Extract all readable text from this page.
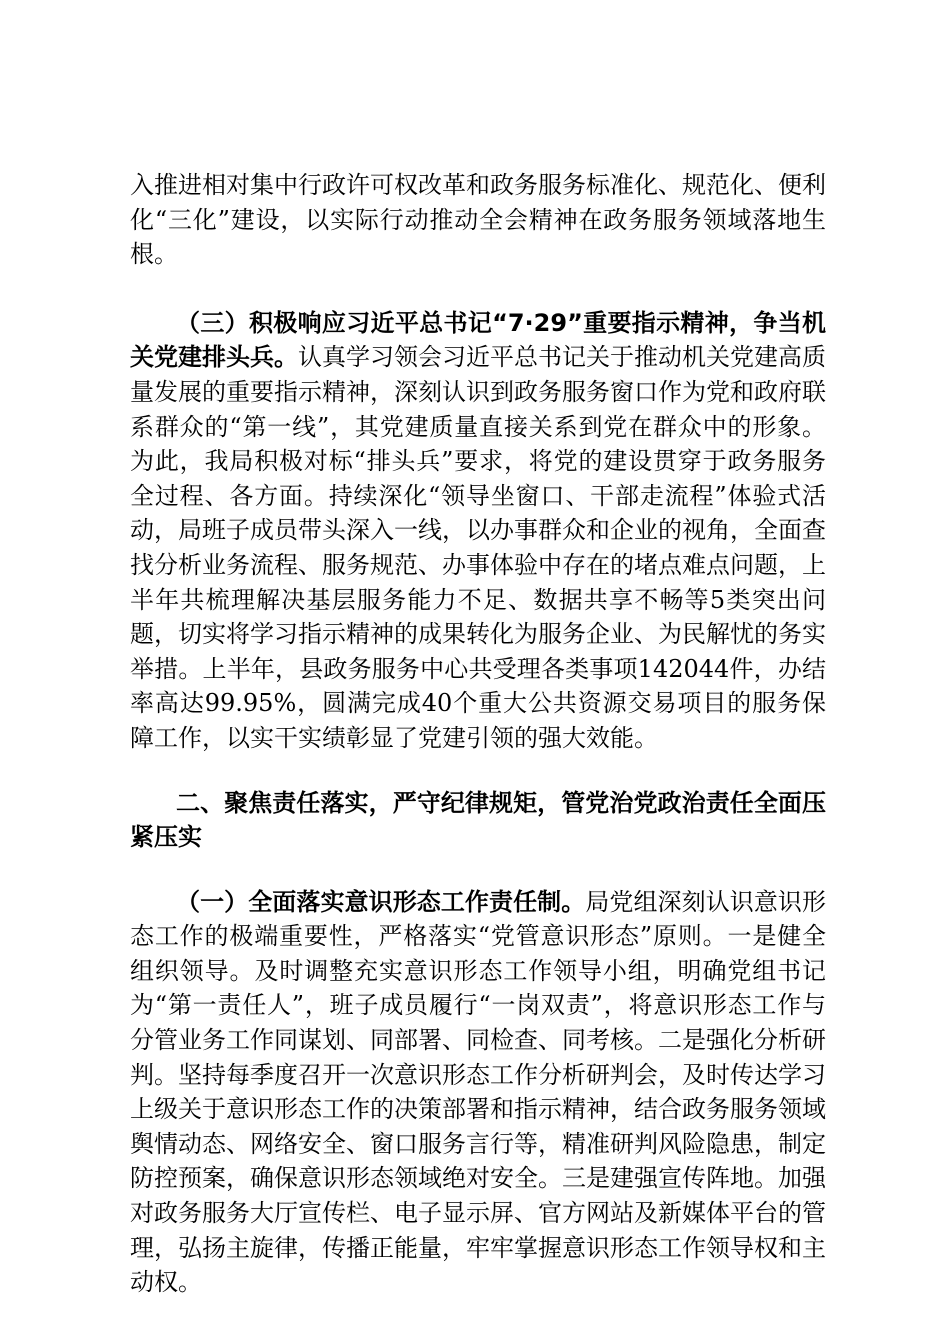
入推进相对集中行政许可权改革和政务服务标准化、规范化、便利化“三化”建设，以实际行动推动全会精神在政务服务领域落地生根。

（三）积极响应习近平总书记“7·29”重要指示精神，争当机关党建排头兵。认真学习领会习近平总书记关于推动机关党建高质量发展的重要指示精神，深刻认识到政务服务窗口作为党和政府联系群众的“第一线”，其党建质量直接关系到党在群众中的形象。为此，我局积极对标“排头兵”要求，将党的建设贯穿于政务服务全过程、各方面。持续深化“领导坐窗口、干部走流程”体验式活动，局班子成员带头深入一线，以办事群众和企业的视角，全面查找分析业务流程、服务规范、办事体验中存在的堵点难点问题，上半年共梳理解决基层服务能力不足、数据共享不畅等5类突出问题，切实将学习指示精神的成果转化为服务企业、为民解忧的务实举措。上半年，县政务服务中心共受理各类事项142044件，办结率高达99.95%，圆满完成40个重大公共资源交易项目的服务保障工作，以实干实绩彰显了党建引领的强大效能。

二、聚焦责任落实，严守纪律规矩，管党治党政治责任全面压紧压实

（一）全面落实意识形态工作责任制。局党组深刻认识意识形态工作的极端重要性，严格落实“党管意识形态”原则。一是健全组织领导。及时调整充实意识形态工作领导小组，明确党组书记为“第一责任人”，班子成员履行“一岗双责”，将意识形态工作与分管业务工作同谋划、同部署、同检查、同考核。二是强化分析研判。坚持每季度召开一次意识形态工作分析研判会，及时传达学习上级关于意识形态工作的决策部署和指示精神，结合政务服务领域舆情动态、网络安全、窗口服务言行等，精准研判风险隐患，制定防控预案，确保意识形态领域绝对安全。三是建强宣传阵地。加强对政务服务大厅宣传栏、电子显示屏、官方网站及新媒体平台的管理，弘扬主旋律，传播正能量，牢牢掌握意识形态工作领导权和主动权。
